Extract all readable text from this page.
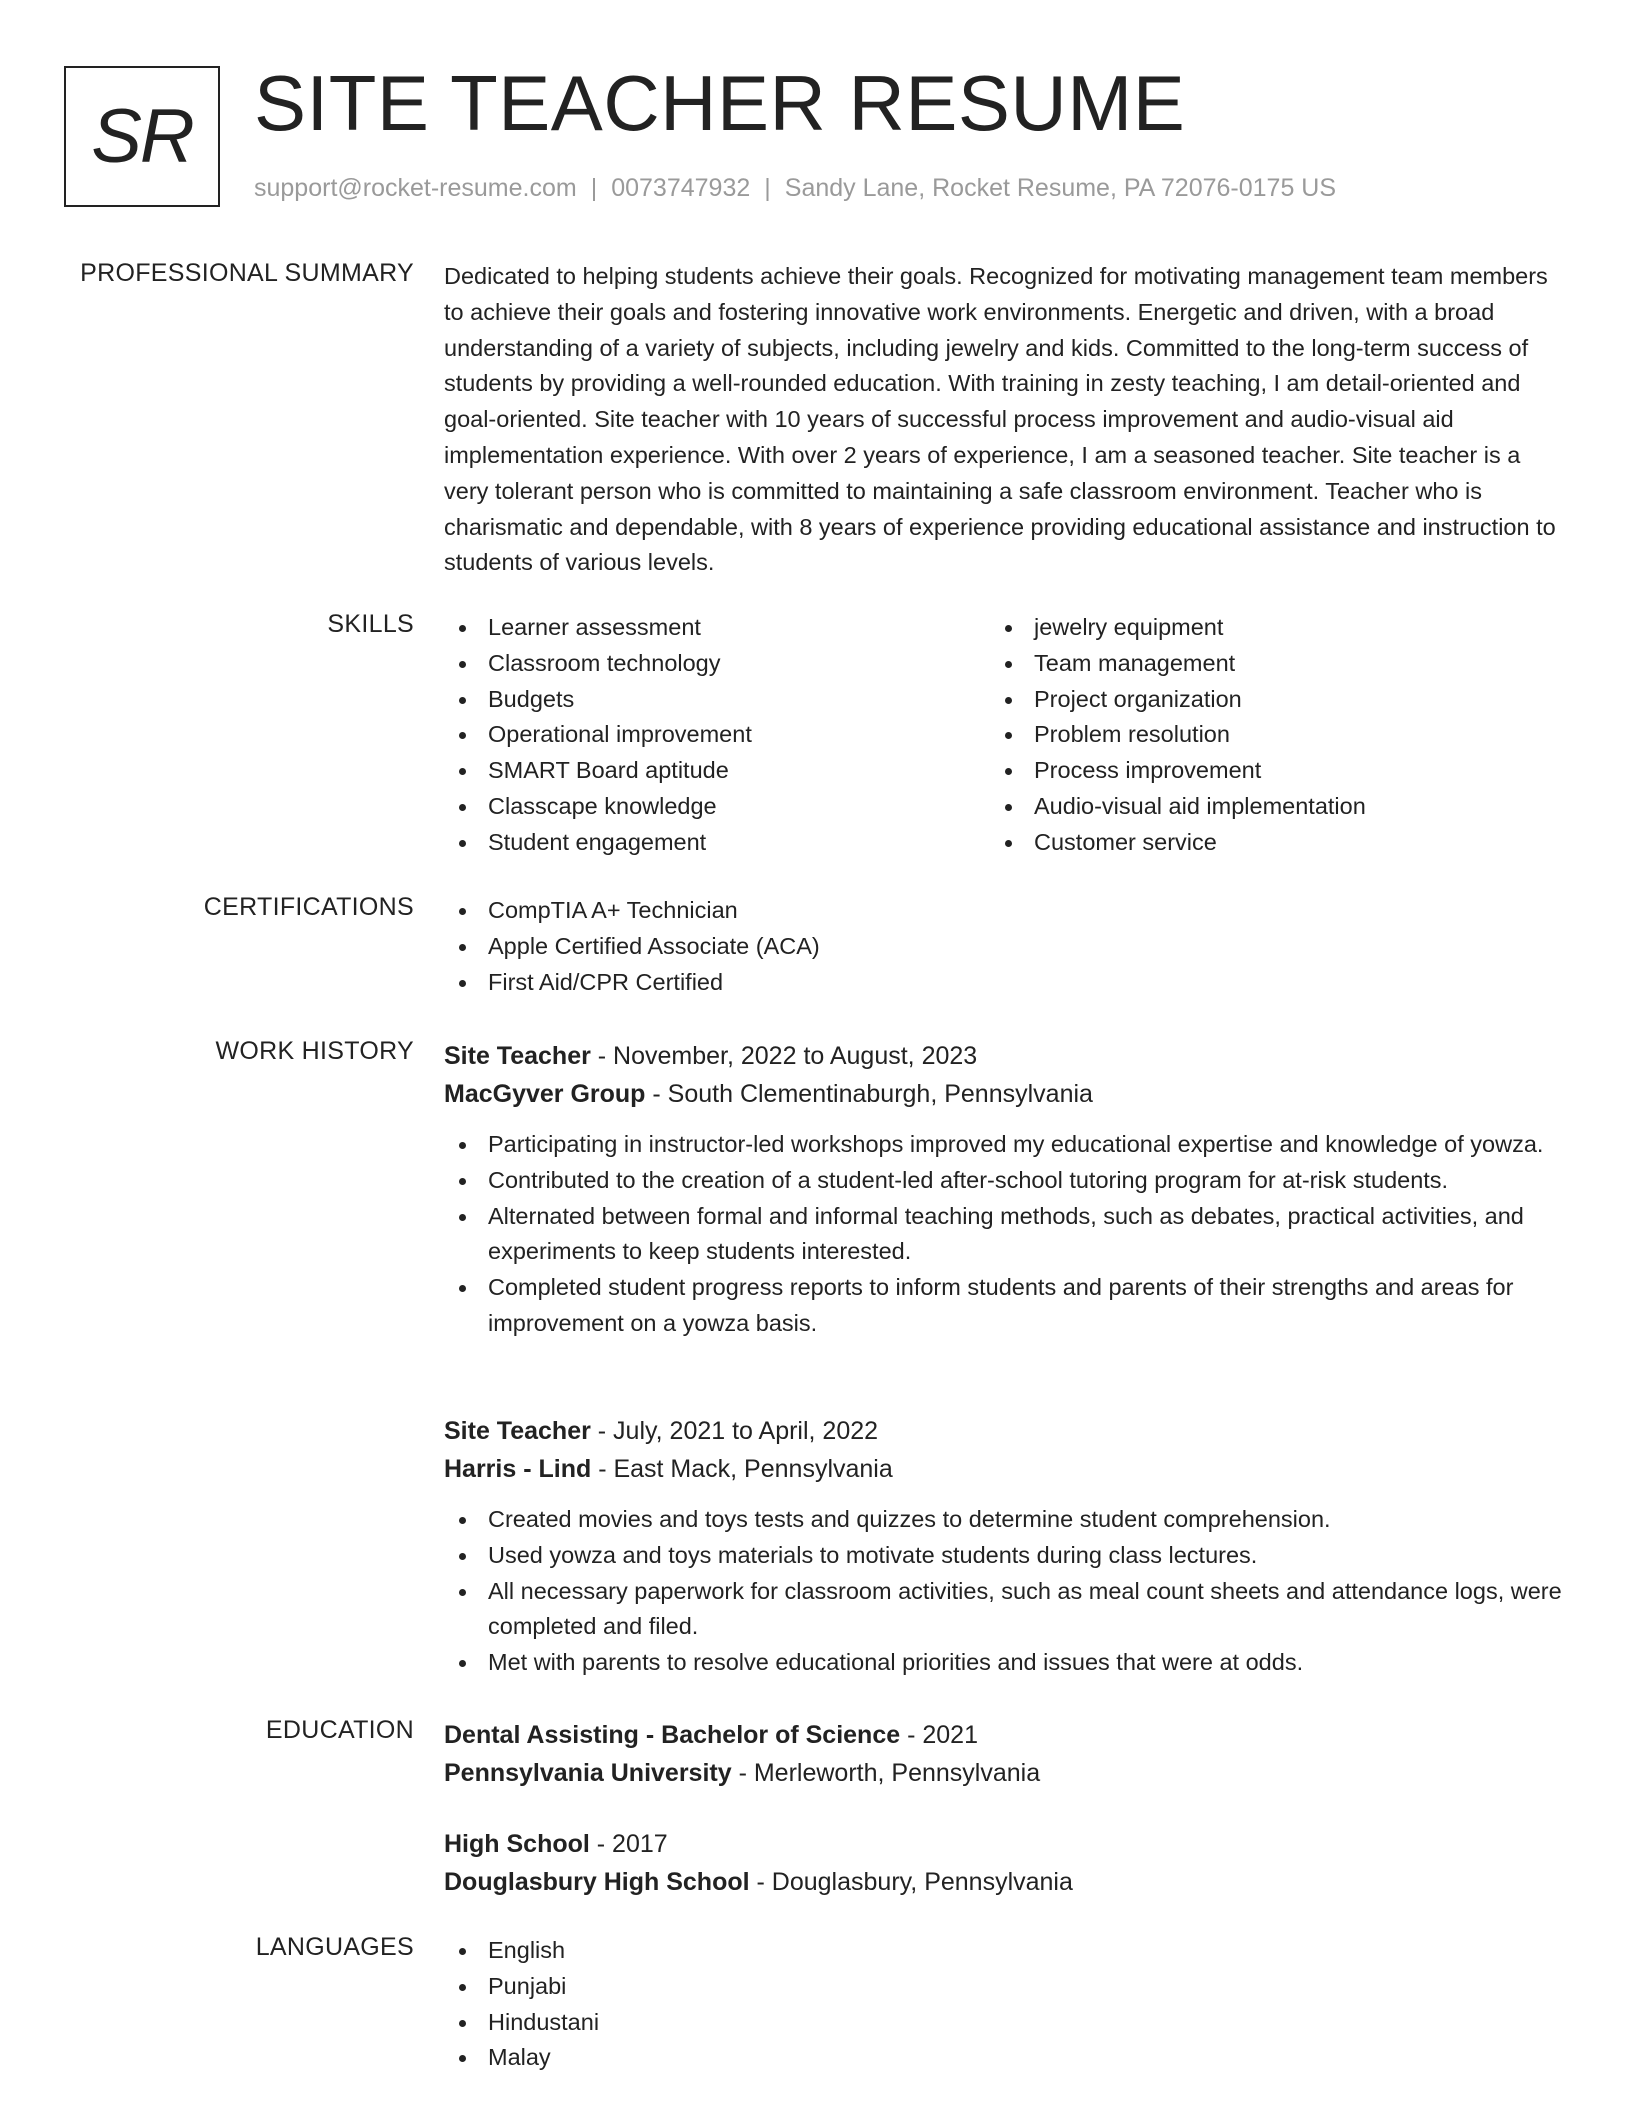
SR SITE TEACHER RESUME
support@rocket-resume.com | 0073747932 | Sandy Lane, Rocket Resume, PA 72076-0175 US
PROFESSIONAL SUMMARY Dedicated to helping students achieve their goals. Recognized for motivating management team members to achieve their goals and fostering innovative work environments. Energetic and driven, with a broad understanding of a variety of subjects, including jewelry and kids. Committed to the long-term success of students by providing a well-rounded education. With training in zesty teaching, I am detail-oriented and goal-oriented. Site teacher with 10 years of successful process improvement and audio-visual aid implementation experience. With over 2 years of experience, I am a seasoned teacher. Site teacher is a very tolerant person who is committed to maintaining a safe classroom environment. Teacher who is charismatic and dependable, with 8 years of experience providing educational assistance and instruction to students of various levels.

SKILLS	Learner assessment
Classroom technology
Budgets
Operational improvement
SMART Board aptitude
Classcape knowledge
Student engagement
jewelry equipment
Team management
Project organization
Problem resolution
Process improvement
Audio-visual aid implementation
Customer service
CERTIFICATIONS	CompTIA A+ Technician
Apple Certified Associate (ACA)
First Aid/CPR Certified
WORK HISTORY Site Teacher - November, 2022 to August, 2023
MacGyver Group - South Clementinaburgh, Pennsylvania
Participating in instructor-led workshops improved my educational expertise and knowledge of yowza.
Contributed to the creation of a student-led after-school tutoring program for at-risk students.
Alternated between formal and informal teaching methods, such as debates, practical activities, and experiments to keep students interested.
Completed student progress reports to inform students and parents of their strengths and areas for improvement on a yowza basis.
Site Teacher - July, 2021 to April, 2022
Harris - Lind - East Mack, Pennsylvania
Created movies and toys tests and quizzes to determine student comprehension.
Used yowza and toys materials to motivate students during class lectures.
All necessary paperwork for classroom activities, such as meal count sheets and attendance logs, were completed and filed.
Met with parents to resolve educational priorities and issues that were at odds.
EDUCATION Dental Assisting - Bachelor of Science - 2021
Pennsylvania University - Merleworth, Pennsylvania
High School - 2017
Douglasbury High School - Douglasbury, Pennsylvania
LANGUAGES	English
Punjabi
Hindustani
Malay
